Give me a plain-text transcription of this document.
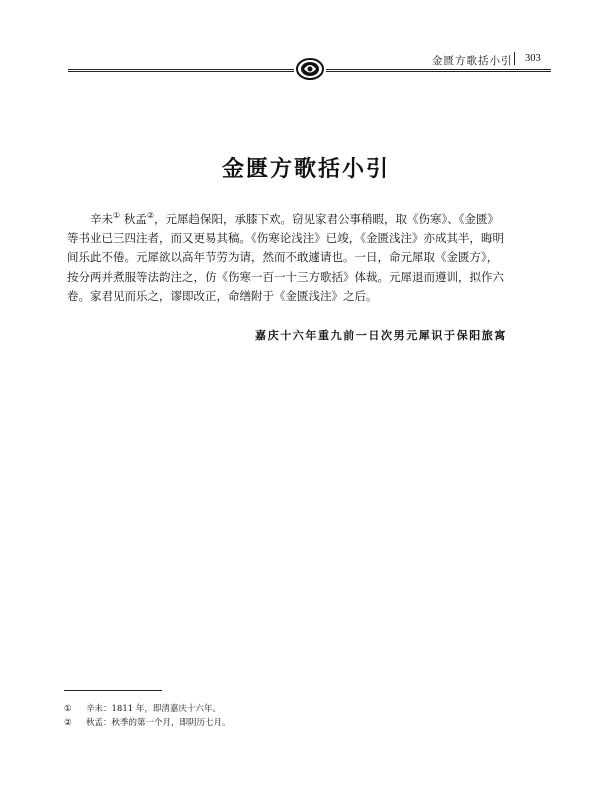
金匮方歌括小引 303
金匮方歌括小引
辛未① 秋孟②，元犀趋保阳，承膝下欢。窃见家君公事稍暇，取《伤寒》、《金匮》
等书业已三四注者，而又更易其稿。《伤寒论浅注》已竣，《金匮浅注》亦成其半，晦明
间乐此不倦。元犀欲以高年节劳为请，然而不敢遽请也。一日，命元犀取《金匮方》，
按分两并煮服等法韵注之，仿《伤寒一百一十三方歌括》体裁。元犀退而遵训，拟作六
卷。家君见而乐之，谬即改正，命缮附于《金匮浅注》之后。
嘉庆十六年重九前一日次男元犀识于保阳旅寓
① 辛未：1811 年，即清嘉庆十六年。
② 秋孟：秋季的第一个月，即阴历七月。
